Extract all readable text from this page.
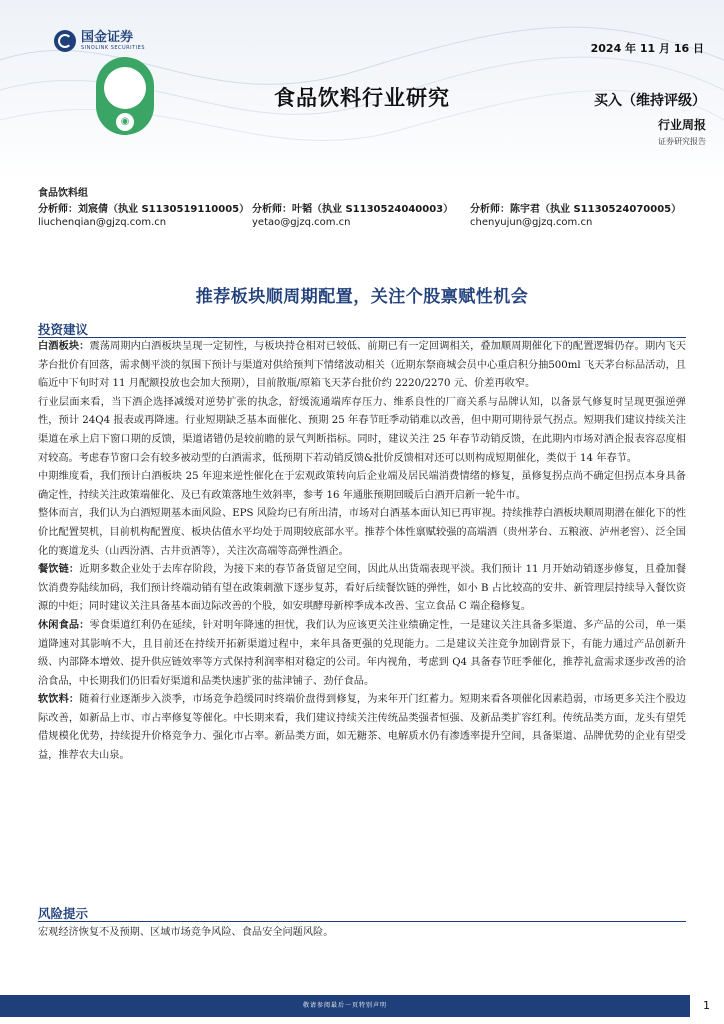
国金证券
SINOLINK SECURITIES
◉
2024 年 11 月 16 日
食品饮料行业研究	买入（维持评级）
行业周报
证券研究报告
食品饮料组
分析师：刘宸倩（执业 S1130519110005）
liuchenqian@gjzq.com.cn
分析师：叶韬（执业 S1130524040003）
yetao@gjzq.com.cn
分析师：陈宇君（执业 S1130524070005）
chenyujun@gjzq.com.cn
推荐板块顺周期配置，关注个股禀赋性机会
投资建议

白酒板块：震荡周期内白酒板块呈现一定韧性，与板块持仓相对已较低、前期已有一定回调相关，叠加顺周期催化下的配置逻辑仍存。期内飞天茅台批价有回落，需求侧平淡的氛围下预计与渠道对供给预判下情绪波动相关（近期东祭商城会员中心重启积分抽500ml 飞天茅台标品活动，且临近中下旬时对 11 月配额投放也会加大预期），目前散瓶/原箱飞天茅台批价约 2220/2270 元、价差再收窄。

行业层面来看，当下酒企选择减缓对逆势扩张的执念，舒缓流通端库存压力、维系良性的厂商关系与品牌认知，以备景气修复时呈现更强逆弹性，预计 24Q4 报表或再降速。行业短期缺乏基本面催化、预期 25 年春节旺季动销难以改善，但中期可期待景气拐点。短期我们建议持续关注渠道在承上启下窗口期的反馈，渠道诸错仍是较前瞻的景气判断指标。同时，建议关注 25 年春节动销反馈，在此期内市场对酒企报表容忍度相对较高。考虑春节窗口会有较多被动型的白酒需求，低预期下若动销反馈&批价反馈相对还可以则构成短期催化，类似于 14 年春节。

中期维度看，我们预计白酒板块 25 年迎来逆性催化在于宏观政策转向后企业端及居民端消费情绪的修复，虽修复拐点尚不确定但拐点本身具备确定性，持续关注政策端催化、及已有政策落地生效斜率，参考 16 年通胀预期回暖后白酒开启新一轮牛市。

整体而言，我们认为白酒短期基本面风险、EPS 风险均已有所出清，市场对白酒基本面认知已再审视。持续推荐白酒板块顺周期潜在催化下的性价比配置契机，目前机构配置度、板块估值水平均处于周期较底部水平。推荐个体性禀赋较强的高端酒（贵州茅台、五粮液、泸州老窖）、泛全国化的赛道龙头（山西汾酒、古井贡酒等），关注次高端等高弹性酒企。

餐饮链：近期多数企业处于去库存阶段，为接下来的春节备货留足空间，因此从出货端表现平淡。我们预计 11 月开始动销逐步修复，且叠加餐饮消费券陆续加码，我们预计终端动销有望在政策刺激下逐步复苏，看好后续餐饮链的弹性，如小 B 占比较高的安井、新管理层持续导入餐饮资源的中炬；同时建议关注具备基本面边际改善的个股，如安琪酵母新榨季成本改善、宝立食品 C 端企稳修复。

休闲食品：零食渠道红利仍在延续，针对明年降速的担忧，我们认为应该更关注业绩确定性，一是建议关注具备多渠道、多产品的公司，单一渠道降速对其影响不大，且目前还在持续开拓新渠道过程中，来年具备更强的兑现能力。二是建议关注竞争加剧背景下，有能力通过产品创新升级、内部降本增效、提升供应链效率等方式保持利润率相对稳定的公司。年内视角，考虑到 Q4 具备春节旺季催化，推荐礼盒需求逐步改善的洽洽食品，中长期我们仍旧看好渠道和品类快速扩张的盐津铺子、劲仔食品。

软饮料：随着行业逐渐步入淡季，市场竞争趋缓同时终端价盘得到修复，为来年开门红蓄力。短期来看各项催化因素趋弱，市场更多关注个股边际改善，如新品上市、市占率修复等催化。中长期来看，我们建议持续关注传统品类强者恒强、及新品类扩容红利。传统品类方面，龙头有望凭借规模化优势，持续提升价格竞争力、强化市占率。新品类方面，如无糖茶、电解质水仍有渗透率提升空间，具备渠道、品牌优势的企业有望受益，推荐农夫山泉。

风险提示
宏观经济恢复不及预期、区域市场竞争风险、食品安全问题风险。
敬请参阅最后一页特别声明	1
